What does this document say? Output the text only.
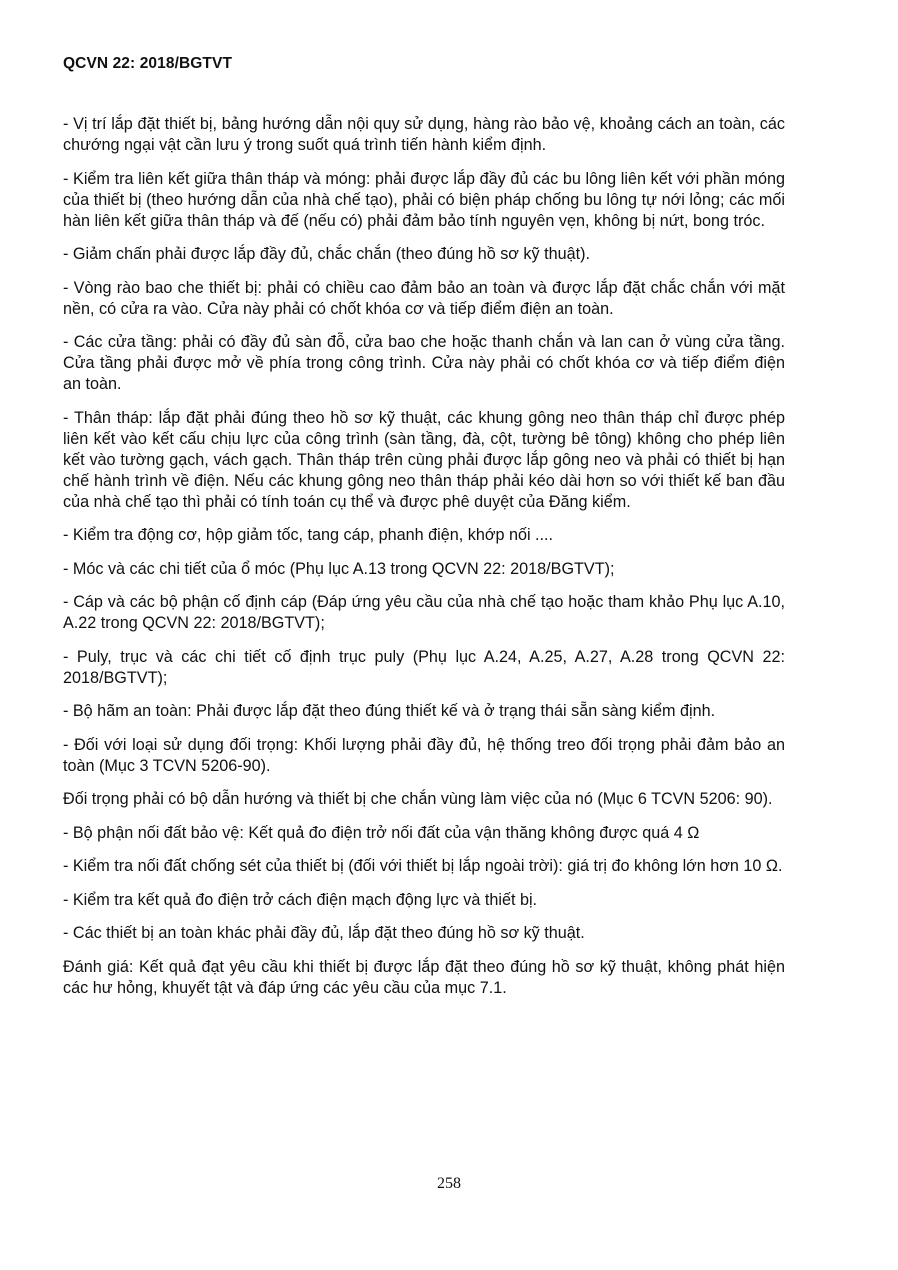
QCVN 22: 2018/BGTVT

- Vị trí lắp đặt thiết bị, bảng hướng dẫn nội quy sử dụng, hàng rào bảo vệ, khoảng cách an toàn, các chướng ngại vật cần lưu ý trong suốt quá trình tiến hành kiểm định.

- Kiểm tra liên kết giữa thân tháp và móng: phải được lắp đầy đủ các bu lông liên kết với phần móng của thiết bị (theo hướng dẫn của nhà chế tạo), phải có biện pháp chống bu lông tự nới lỏng; các mối hàn liên kết giữa thân tháp và đế (nếu có) phải đảm bảo tính nguyên vẹn, không bị nứt, bong tróc.

- Giảm chấn phải được lắp đầy đủ, chắc chắn (theo đúng hồ sơ kỹ thuật).

- Vòng rào bao che thiết bị: phải có chiều cao đảm bảo an toàn và được lắp đặt chắc chắn với mặt nền, có cửa ra vào. Cửa này phải có chốt khóa cơ và tiếp điểm điện an toàn.

- Các cửa tầng: phải có đầy đủ sàn đỗ, cửa bao che hoặc thanh chắn và lan can ở vùng cửa tầng. Cửa tầng phải được mở về phía trong công trình. Cửa này phải có chốt khóa cơ và tiếp điểm điện an toàn.

- Thân tháp: lắp đặt phải đúng theo hồ sơ kỹ thuật, các khung gông neo thân tháp chỉ được phép liên kết vào kết cấu chịu lực của công trình (sàn tầng, đà, cột, tường bê tông) không cho phép liên kết vào tường gạch, vách gạch. Thân tháp trên cùng phải được lắp gông neo và phải có thiết bị hạn chế hành trình về điện. Nếu các khung gông neo thân tháp phải kéo dài hơn so với thiết kế ban đầu của nhà chế tạo thì phải có tính toán cụ thể và được phê duyệt của Đăng kiểm.

- Kiểm tra động cơ, hộp giảm tốc, tang cáp, phanh điện, khớp nối ....

- Móc và các chi tiết của ổ móc (Phụ lục A.13 trong QCVN 22: 2018/BGTVT);

- Cáp và các bộ phận cố định cáp (Đáp ứng yêu cầu của nhà chế tạo hoặc tham khảo Phụ lục A.10, A.22 trong QCVN 22: 2018/BGTVT);

- Puly, trục và các chi tiết cố định trục puly (Phụ lục A.24, A.25, A.27, A.28 trong QCVN 22: 2018/BGTVT);

- Bộ hãm an toàn: Phải được lắp đặt theo đúng thiết kế và ở trạng thái sẵn sàng kiểm định.

- Đối với loại sử dụng đối trọng: Khối lượng phải đầy đủ, hệ thống treo đối trọng phải đảm bảo an toàn (Mục 3 TCVN 5206-90).

Đối trọng phải có bộ dẫn hướng và thiết bị che chắn vùng làm việc của nó (Mục 6 TCVN 5206: 90).

- Bộ phận nối đất bảo vệ: Kết quả đo điện trở nối đất của vận thăng không được quá 4 Ω

- Kiểm tra nối đất chống sét của thiết bị (đối với thiết bị lắp ngoài trời): giá trị đo không lớn hơn 10 Ω.

- Kiểm tra kết quả đo điện trở cách điện mạch động lực và thiết bị.

- Các thiết bị an toàn khác phải đầy đủ, lắp đặt theo đúng hồ sơ kỹ thuật.

Đánh giá: Kết quả đạt yêu cầu khi thiết bị được lắp đặt theo đúng hồ sơ kỹ thuật, không phát hiện các hư hỏng, khuyết tật và đáp ứng các yêu cầu của mục 7.1.

258
